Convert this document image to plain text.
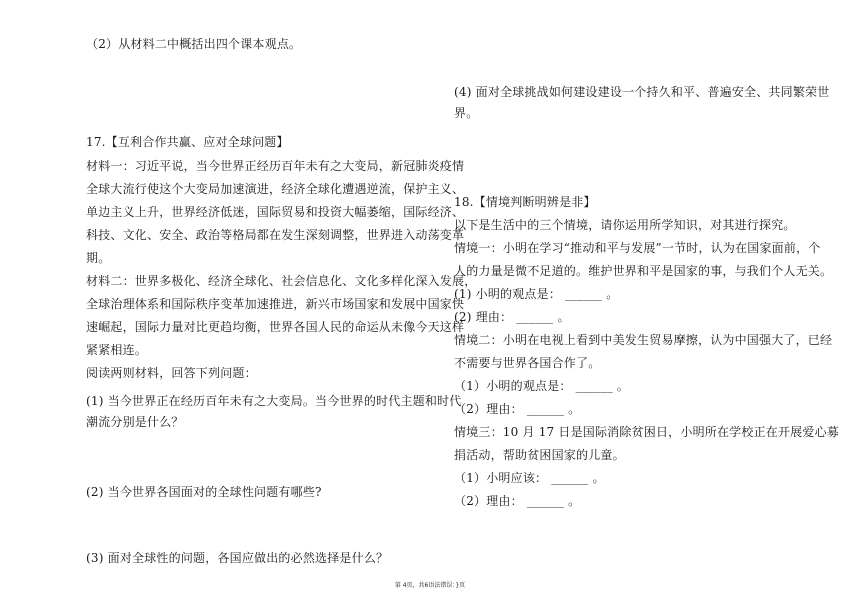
（2）从材料二中概括出四个课本观点。
17.【互利合作共赢、应对全球问题】
材料一：习近平说，当今世界正经历百年未有之大变局，新冠肺炎疫情
全球大流行使这个大变局加速演进，经济全球化遭遇逆流，保护主义、
单边主义上升，世界经济低迷，国际贸易和投资大幅萎缩，国际经济、
科技、文化、安全、政治等格局都在发生深刻调整，世界进入动荡变革
期。
材料二：世界多极化、经济全球化、社会信息化、文化多样化深入发展，
全球治理体系和国际秩序变革加速推进，新兴市场国家和发展中国家快
速崛起，国际力量对比更趋均衡，世界各国人民的命运从未像今天这样
紧紧相连。
阅读两则材料，回答下列问题：
(1) 当今世界正在经历百年未有之大变局。当今世界的时代主题和时代
潮流分别是什么？
(2) 当今世界各国面对的全球性问题有哪些?
(3) 面对全球性的问题，各国应做出的必然选择是什么？
(4) 面对全球挑战如何建设建设一个持久和平、普遍安全、共同繁荣世
界。
18.【情境判断明辨是非】
以下是生活中的三个情境，请你运用所学知识，对其进行探究。
情境一：小明在学习“推动和平与发展”一节时，认为在国家面前，个
人的力量是微不足道的。维护世界和平是国家的事，与我们个人无关。
(1) 小明的观点是： ______ 。
(2) 理由： ______ 。
情境二：小明在电视上看到中美发生贸易摩擦，认为中国强大了，已经
不需要与世界各国合作了。
（1）小明的观点是： ______ 。
（2）理由： ______ 。
情境三：10 月 17 日是国际消除贫困日，小明所在学校正在开展爱心募
捐活动，帮助贫困国家的儿童。
（1）小明应该： ______ 。
（2）理由： ______ 。
第 4页，共6语法错误：}页
